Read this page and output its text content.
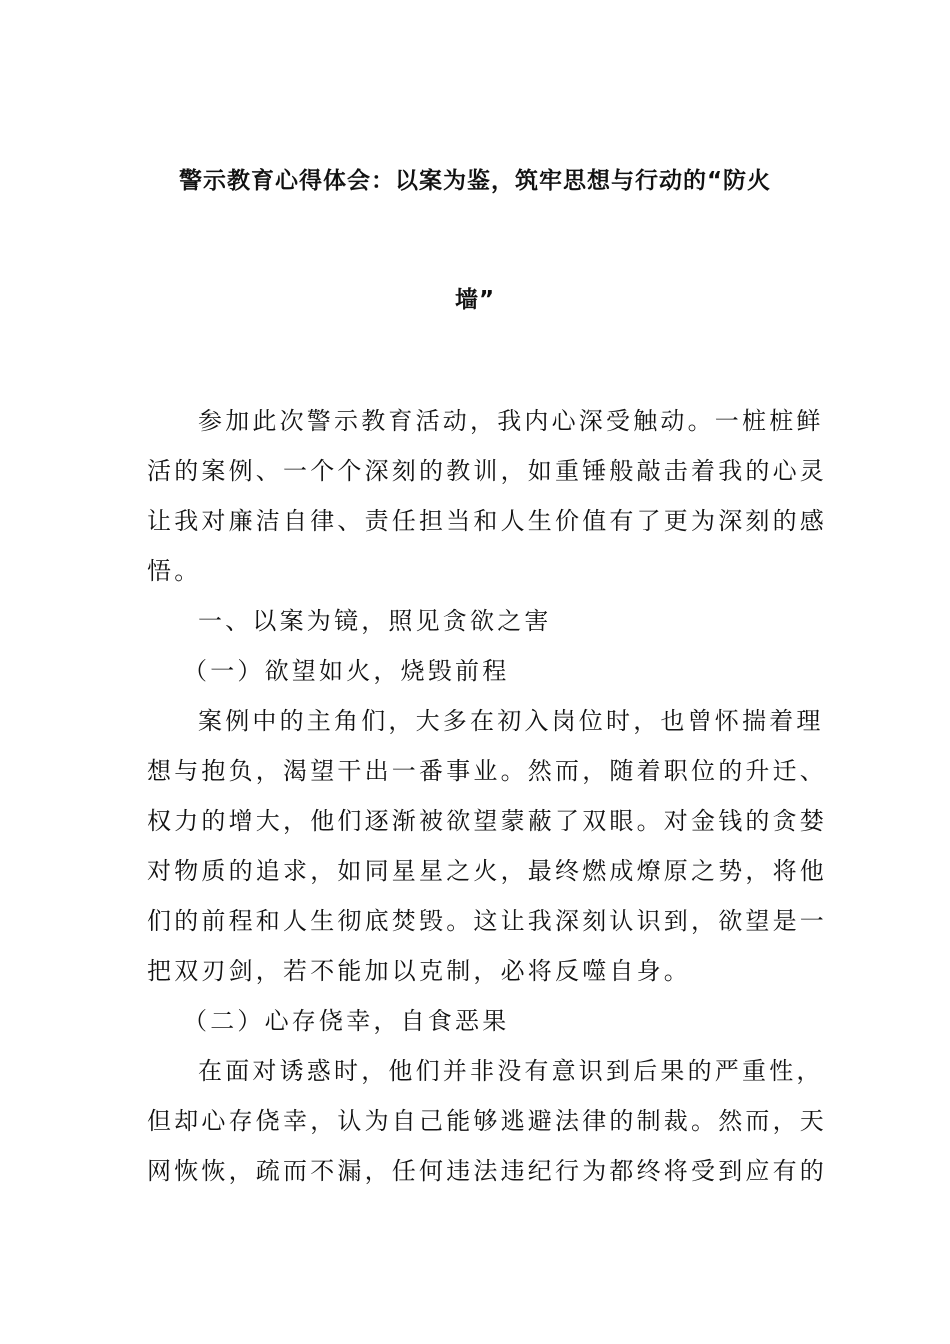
警示教育心得体会：以案为鉴，筑牢思想与行动的“防火
墙”
参加此次警示教育活动，我内心深受触动。一桩桩鲜
活的案例、一个个深刻的教训，如重锤般敲击着我的心灵
让我对廉洁自律、责任担当和人生价值有了更为深刻的感
悟。
一、以案为镜，照见贪欲之害
（一）欲望如火，烧毁前程
案例中的主角们，大多在初入岗位时，也曾怀揣着理
想与抱负，渴望干出一番事业。然而，随着职位的升迁、
权力的增大，他们逐渐被欲望蒙蔽了双眼。对金钱的贪婪
对物质的追求，如同星星之火，最终燃成燎原之势，将他
们的前程和人生彻底焚毁。这让我深刻认识到，欲望是一
把双刃剑，若不能加以克制，必将反噬自身。
（二）心存侥幸，自食恶果
在面对诱惑时，他们并非没有意识到后果的严重性，
但却心存侥幸，认为自己能够逃避法律的制裁。然而，天
网恢恢，疏而不漏，任何违法违纪行为都终将受到应有的
